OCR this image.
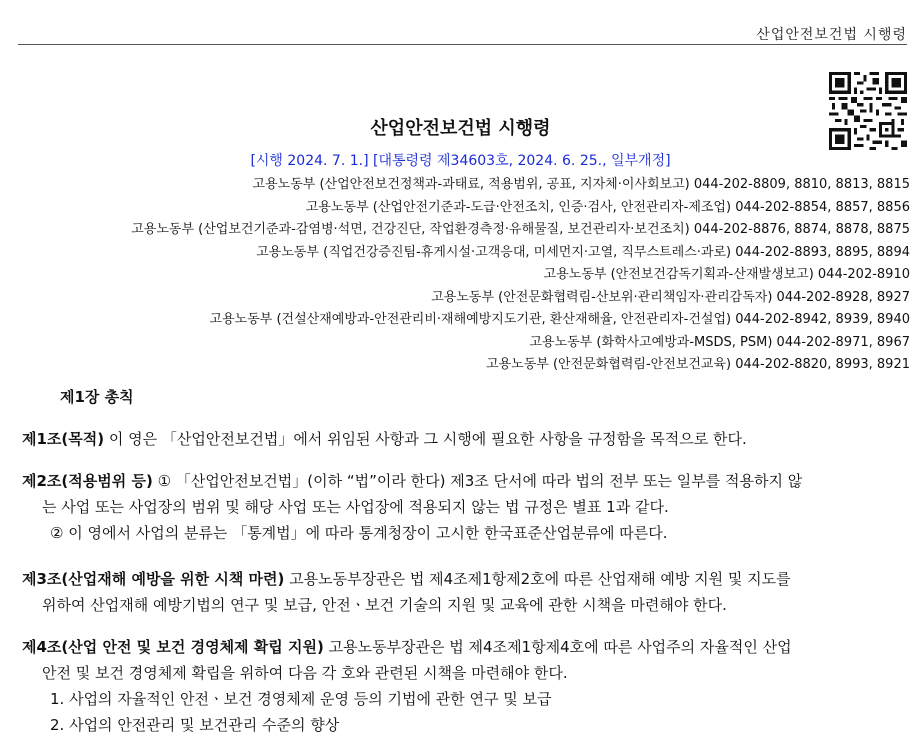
산업안전보건법 시행령
산업안전보건법 시행령
[시행 2024. 7. 1.] [대통령령 제34603호, 2024. 6. 25., 일부개정]
고용노동부 (산업안전보건정책과-과태료, 적용범위, 공표, 지자체·이사회보고) 044-202-8809, 8810, 8813, 8815
고용노동부 (산업안전기준과-도급·안전조치, 인증·검사, 안전관리자-제조업) 044-202-8854, 8857, 8856
고용노동부 (산업보건기준과-감염병·석면, 건강진단, 작업환경측정·유해물질, 보건관리자·보건조치) 044-202-8876, 8874, 8878, 8875
고용노동부 (직업건강증진팀-휴게시설·고객응대, 미세먼지·고열, 직무스트레스·과로) 044-202-8893, 8895, 8894
고용노동부 (안전보건감독기획과-산재발생보고) 044-202-8910
고용노동부 (안전문화협력림-산보위·관리책임자·관리감독자) 044-202-8928, 8927
고용노동부 (건설산재예방과-안전관리비·재해예방지도기관, 환산재해율, 안전관리자-건설업) 044-202-8942, 8939, 8940
고용노동부 (화학사고예방과-MSDS, PSM) 044-202-8971, 8967
고용노동부 (안전문화협력림-안전보건교육) 044-202-8820, 8993, 8921
제1장 총칙
제1조(목적) 이 영은 「산업안전보건법」에서 위임된 사항과 그 시행에 필요한 사항을 규정함을 목적으로 한다.
제2조(적용범위 등) ① 「산업안전보건법」(이하 “법”이라 한다) 제3조 단서에 따라 법의 전부 또는 일부를 적용하지 않
는 사업 또는 사업장의 범위 및 해당 사업 또는 사업장에 적용되지 않는 법 규정은 별표 1과 같다.
② 이 영에서 사업의 분류는 「통계법」에 따라 통계청장이 고시한 한국표준산업분류에 따른다.
제3조(산업재해 예방을 위한 시책 마련) 고용노동부장관은 법 제4조제1항제2호에 따른 산업재해 예방 지원 및 지도를
위하여 산업재해 예방기법의 연구 및 보급, 안전ㆍ보건 기술의 지원 및 교육에 관한 시책을 마련해야 한다.
제4조(산업 안전 및 보건 경영체제 확립 지원) 고용노동부장관은 법 제4조제1항제4호에 따른 사업주의 자율적인 산업
안전 및 보건 경영체제 확립을 위하여 다음 각 호와 관련된 시책을 마련해야 한다.
1. 사업의 자율적인 안전ㆍ보건 경영체제 운영 등의 기법에 관한 연구 및 보급
2. 사업의 안전관리 및 보건관리 수준의 향상
